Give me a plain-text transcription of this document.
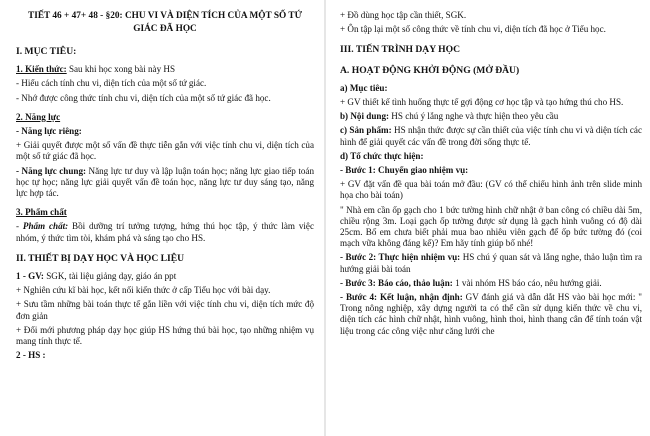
TIẾT 46 + 47+ 48 - §20: CHU VI VÀ DIỆN TÍCH CỦA MỘT SỐ TỨ GIÁC ĐÃ HỌC

I. MỤC TIÊU:

1. Kiến thức: Sau khi học xong bài này HS

- Hiểu cách tính chu vi, diện tích của một số tứ giác.

- Nhớ được công thức tính chu vi, diện tích của một số tứ giác đã học.

2. Năng lực

- Năng lực riêng:

+ Giải quyết được một số vấn đề thực tiễn gắn với việc tính chu vi, diện tích của một số tứ giác đã học.

- Năng lực chung: Năng lực tư duy và lập luận toán học; năng lực giao tiếp toán học tự học; năng lực giải quyết vấn đề toán học, năng lực tư duy sáng tạo, năng lực hợp tác.

3. Phẩm chất

- Phẩm chất: Bồi dưỡng trí tưởng tượng, hứng thú học tập, ý thức làm việc nhóm, ý thức tìm tòi, khám phá và sáng tạo cho HS.

II. THIẾT BỊ DẠY HỌC VÀ HỌC LIỆU

1 - GV: SGK, tài liệu giảng dạy, giáo án ppt

+ Nghiên cứu kĩ bài học, kết nối kiến thức ở cấp Tiểu học với bài dạy.

+ Sưu tầm những bài toán thực tế gắn liền với việc tính chu vi, diện tích mức độ đơn giản

+ Đổi mới phương pháp dạy học giúp HS hứng thú bài học, tạo những nhiệm vụ mang tính thực tế.

2 - HS :

+ Đồ dùng học tập cần thiết, SGK.

+ Ôn tập lại một số công thức về tính chu vi, diện tích đã học ở Tiểu học.

III. TIẾN TRÌNH DẠY HỌC

A. HOẠT ĐỘNG KHỞI ĐỘNG (MỞ ĐẦU)

a) Mục tiêu:

+ GV thiết kế tình huống thực tế gợi động cơ học tập và tạo hứng thú cho HS.

b) Nội dung: HS chú ý lắng nghe và thực hiện theo yêu cầu

c) Sản phẩm: HS nhận thức được sự cần thiết của việc tính chu vi và diện tích các hình để giải quyết các vấn đề trong đời sống thực tế.

d) Tổ chức thực hiện:

- Bước 1: Chuyển giao nhiệm vụ:

+ GV đặt vấn đề qua bài toán mở đầu: (GV có thể chiếu hình ảnh trên slide minh họa cho bài toán)

" Nhà em cần ốp gạch cho 1 bức tường hình chữ nhật ở ban công có chiều dài 5m, chiều rộng 3m. Loại gạch ốp tường được sử dụng là gạch hình vuông có độ dài 25cm. Bố em chưa biết phải mua bao nhiêu viên gạch để ốp bức tường đó (coi mạch vữa không đáng kể)? Em hãy tính giúp bố nhé!

- Bước 2: Thực hiện nhiệm vụ: HS chú ý quan sát và lắng nghe, thảo luận tìm ra hướng giải bài toán

- Bước 3: Báo cáo, thảo luận: 1 vài nhóm HS báo cáo, nêu hướng giải.

- Bước 4: Kết luận, nhận định: GV đánh giá và dẫn dắt HS vào bài học mới: " Trong nông nghiệp, xây dựng người ta có thể cần sử dụng kiến thức về chu vi, diện tích các hình chữ nhật, hình vuông, hình thoi, hình thang cân để tính toán vật liệu trong các công việc như căng lưới che
